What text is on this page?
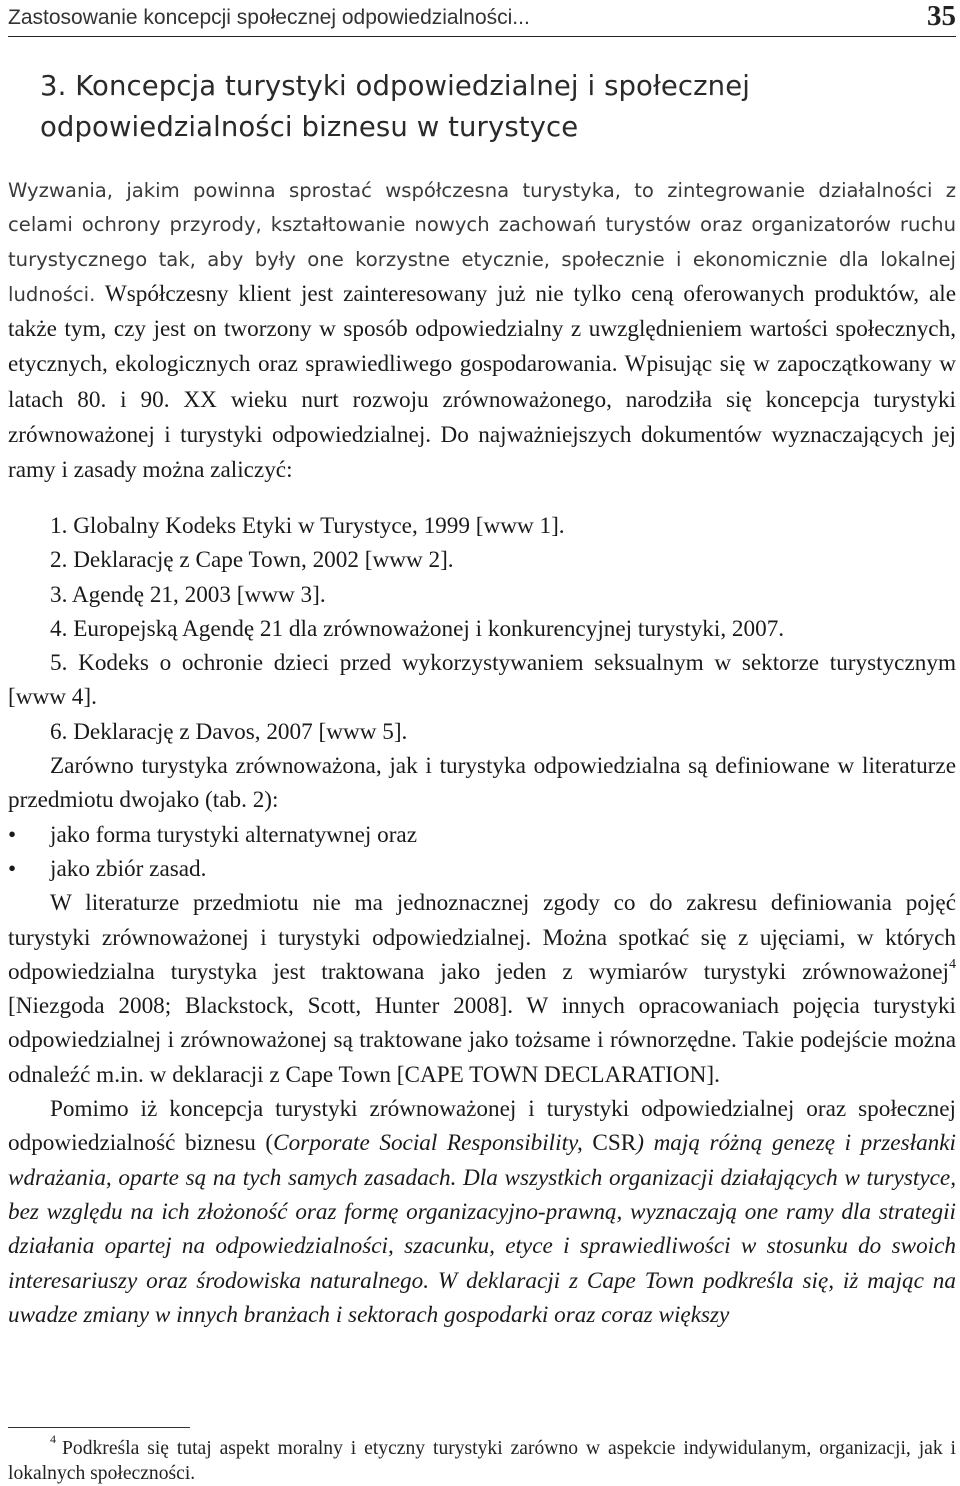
Zastosowanie koncepcji społecznej odpowiedzialności...	35
3. Koncepcja turystyki odpowiedzialnej i społecznej odpowiedzialności biznesu w turystyce
Wyzwania, jakim powinna sprostać współczesna turystyka, to zintegrowanie działalności z celami ochrony przyrody, kształtowanie nowych zachowań turystów oraz organizatorów ruchu turystycznego tak, aby były one korzystne etycznie, społecznie i ekonomicznie dla lokalnej ludności. Współczesny klient jest zainteresowany już nie tylko ceną oferowanych produktów, ale także tym, czy jest on tworzony w sposób odpowiedzialny z uwzględnieniem wartości społecznych, etycznych, ekologicznych oraz sprawiedliwego gospodarowania. Wpisując się w zapoczątkowany w latach 80. i 90. XX wieku nurt rozwoju zrównoważonego, narodziła się koncepcja turystyki zrównoważonej i turystyki odpowiedzialnej. Do najważniejszych dokumentów wyznaczających jej ramy i zasady można zaliczyć:

1. Globalny Kodeks Etyki w Turystyce, 1999 [www 1].

2. Deklarację z Cape Town, 2002 [www 2].

3. Agendę 21, 2003 [www 3].

4. Europejską Agendę 21 dla zrównoważonej i konkurencyjnej turystyki, 2007.

5. Kodeks o ochronie dzieci przed wykorzystywaniem seksualnym w sektorze turystycznym [www 4].

6. Deklarację z Davos, 2007 [www 5].

Zarówno turystyka zrównoważona, jak i turystyka odpowiedzialna są definiowane w literaturze przedmiotu dwojako (tab. 2):

• jako forma turystyki alternatywnej oraz

• jako zbiór zasad.

W literaturze przedmiotu nie ma jednoznacznej zgody co do zakresu definiowania pojęć turystyki zrównoważonej i turystyki odpowiedzialnej. Można spotkać się z ujęciami, w których odpowiedzialna turystyka jest traktowana jako jeden z wymiarów turystyki zrównoważonej$^4$ [Niezgoda 2008; Blackstock, Scott, Hunter 2008]. W innych opracowaniach pojęcia turystyki odpowiedzialnej i zrównoważonej są traktowane jako tożsame i równorzędne. Takie podejście można odnaleźć m.in. w deklaracji z Cape Town [CAPE TOWN DECLARATION].

Pomimo iż koncepcja turystyki zrównoważonej i turystyki odpowiedzialnej oraz społecznej odpowiedzialność biznesu (Corporate Social Responsibility, CSR) mają różną genezę i przesłanki wdrażania, oparte są na tych samych zasadach. Dla wszystkich organizacji działających w turystyce, bez względu na ich złożoność oraz formę organizacyjno-prawną, wyznaczają one ramy dla strategii działania opartej na odpowiedzialności, szacunku, etyce i sprawiedliwości w stosunku do swoich interesariuszy oraz środowiska naturalnego. W deklaracji z Cape Town podkreśla się, iż mając na uwadze zmiany w innych branżach i sektorach gospodarki oraz coraz większy

$^4$ Podkreśla się tutaj aspekt moralny i etyczny turystyki zarówno w aspekcie indywidulanym, organizacji, jak i lokalnych społeczności.
